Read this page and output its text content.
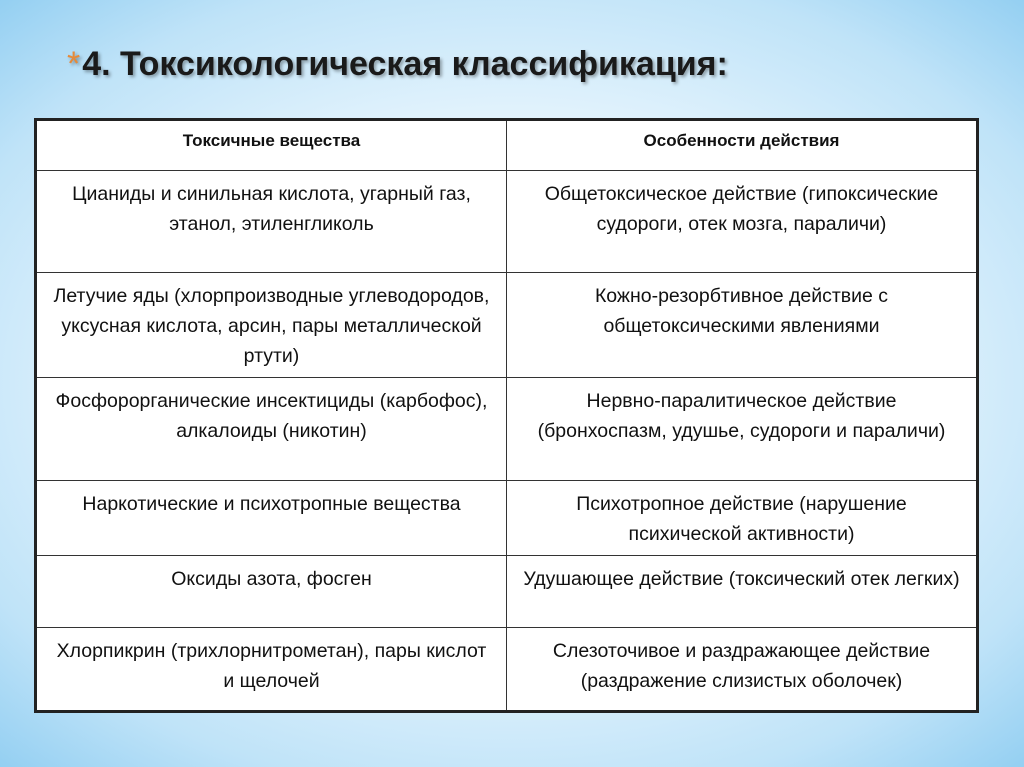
*4. Токсикологическая классификация:
Токсичные вещества	Особенности действия
Цианиды и синильная кислота, угарный газ, этанол, этиленгликоль	Общетоксическое действие (гипоксические судороги, отек мозга, параличи)
Летучие яды (хлорпроизводные углеводородов, уксусная кислота, арсин, пары металлической ртути)	Кожно-резорбтивное действие с общетоксическими явлениями
Фосфорорганические инсектициды (карбофос), алкалоиды (никотин)	Нервно-паралитическое действие (бронхоспазм, удушье, судороги и параличи)
Наркотические и психотропные вещества	Психотропное действие (нарушение психической активности)
Оксиды азота, фосген	Удушающее действие (токсический отек легких)
Хлорпикрин (трихлорнитрометан), пары кислот и щелочей	Слезоточивое и раздражающее действие (раздражение слизистых оболочек)
